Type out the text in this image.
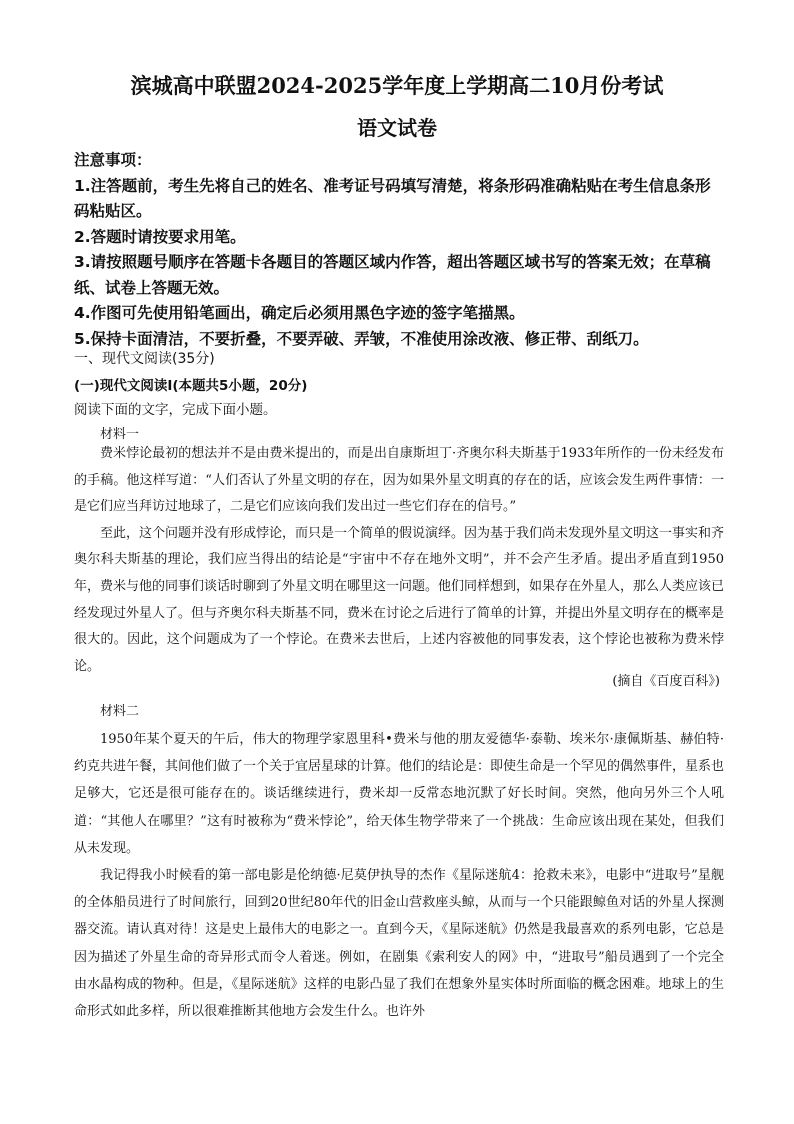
滨城高中联盟2024-2025学年度上学期高二10月份考试
语文试卷

注意事项：

1.注答题前，考生先将自己的姓名、准考证号码填写清楚，将条形码准确粘贴在考生信息条形码粘贴区。

2.答题时请按要求用笔。

3.请按照题号顺序在答题卡各题目的答题区域内作答，超出答题区域书写的答案无效；在草稿纸、试卷上答题无效。

4.作图可先使用铅笔画出，确定后必须用黑色字迹的签字笔描黑。

5.保持卡面清洁，不要折叠，不要弄破、弄皱，不准使用涂改液、修正带、刮纸刀。

一、现代文阅读(35分)
(一)现代文阅读Ⅰ(本题共5小题，20分)
阅读下面的文字，完成下面小题。
材料一

费米悖论最初的想法并不是由费米提出的，而是出自康斯坦丁·齐奥尔科夫斯基于1933年所作的一份未经发布的手稿。他这样写道：“人们否认了外星文明的存在，因为如果外星文明真的存在的话，应该会发生两件事情：一是它们应当拜访过地球了，二是它们应该向我们发出过一些它们存在的信号。”

至此，这个问题并没有形成悖论，而只是一个简单的假说演绎。因为基于我们尚未发现外星文明这一事实和齐奥尔科夫斯基的理论，我们应当得出的结论是“宇宙中不存在地外文明”，并不会产生矛盾。提出矛盾直到1950年，费米与他的同事们谈话时聊到了外星文明在哪里这一问题。他们同样想到，如果存在外星人，那么人类应该已经发现过外星人了。但与齐奥尔科夫斯基不同，费米在讨论之后进行了简单的计算，并提出外星文明存在的概率是很大的。因此，这个问题成为了一个悖论。在费米去世后，上述内容被他的同事发表，这个悖论也被称为费米悖论。

(摘自《百度百科》)
材料二

1950年某个夏天的午后，伟大的物理学家恩里科•费米与他的朋友爱德华·泰勒、埃米尔·康佩斯基、赫伯特·约克共进午餐，其间他们做了一个关于宜居星球的计算。他们的结论是：即使生命是一个罕见的偶然事件，星系也足够大，它还是很可能存在的。谈话继续进行，费米却一反常态地沉默了好长时间。突然，他向另外三个人吼道：“其他人在哪里？”这有时被称为“费米悖论”，给天体生物学带来了一个挑战：生命应该出现在某处，但我们从未发现。

我记得我小时候看的第一部电影是伦纳德·尼莫伊执导的杰作《星际迷航4：抢救未来》，电影中“进取号”星舰的全体船员进行了时间旅行，回到20世纪80年代的旧金山营救座头鲸，从而与一个只能跟鲸鱼对话的外星人探测器交流。请认真对待！这是史上最伟大的电影之一。直到今天，《星际迷航》仍然是我最喜欢的系列电影，它总是因为描述了外星生命的奇异形式而令人着迷。例如，在剧集《索利安人的网》中，“进取号”船员遇到了一个完全由水晶构成的物种。但是，《星际迷航》这样的电影凸显了我们在想象外星实体时所面临的概念困难。地球上的生命形式如此多样，所以很难推断其他地方会发生什么。也许外
